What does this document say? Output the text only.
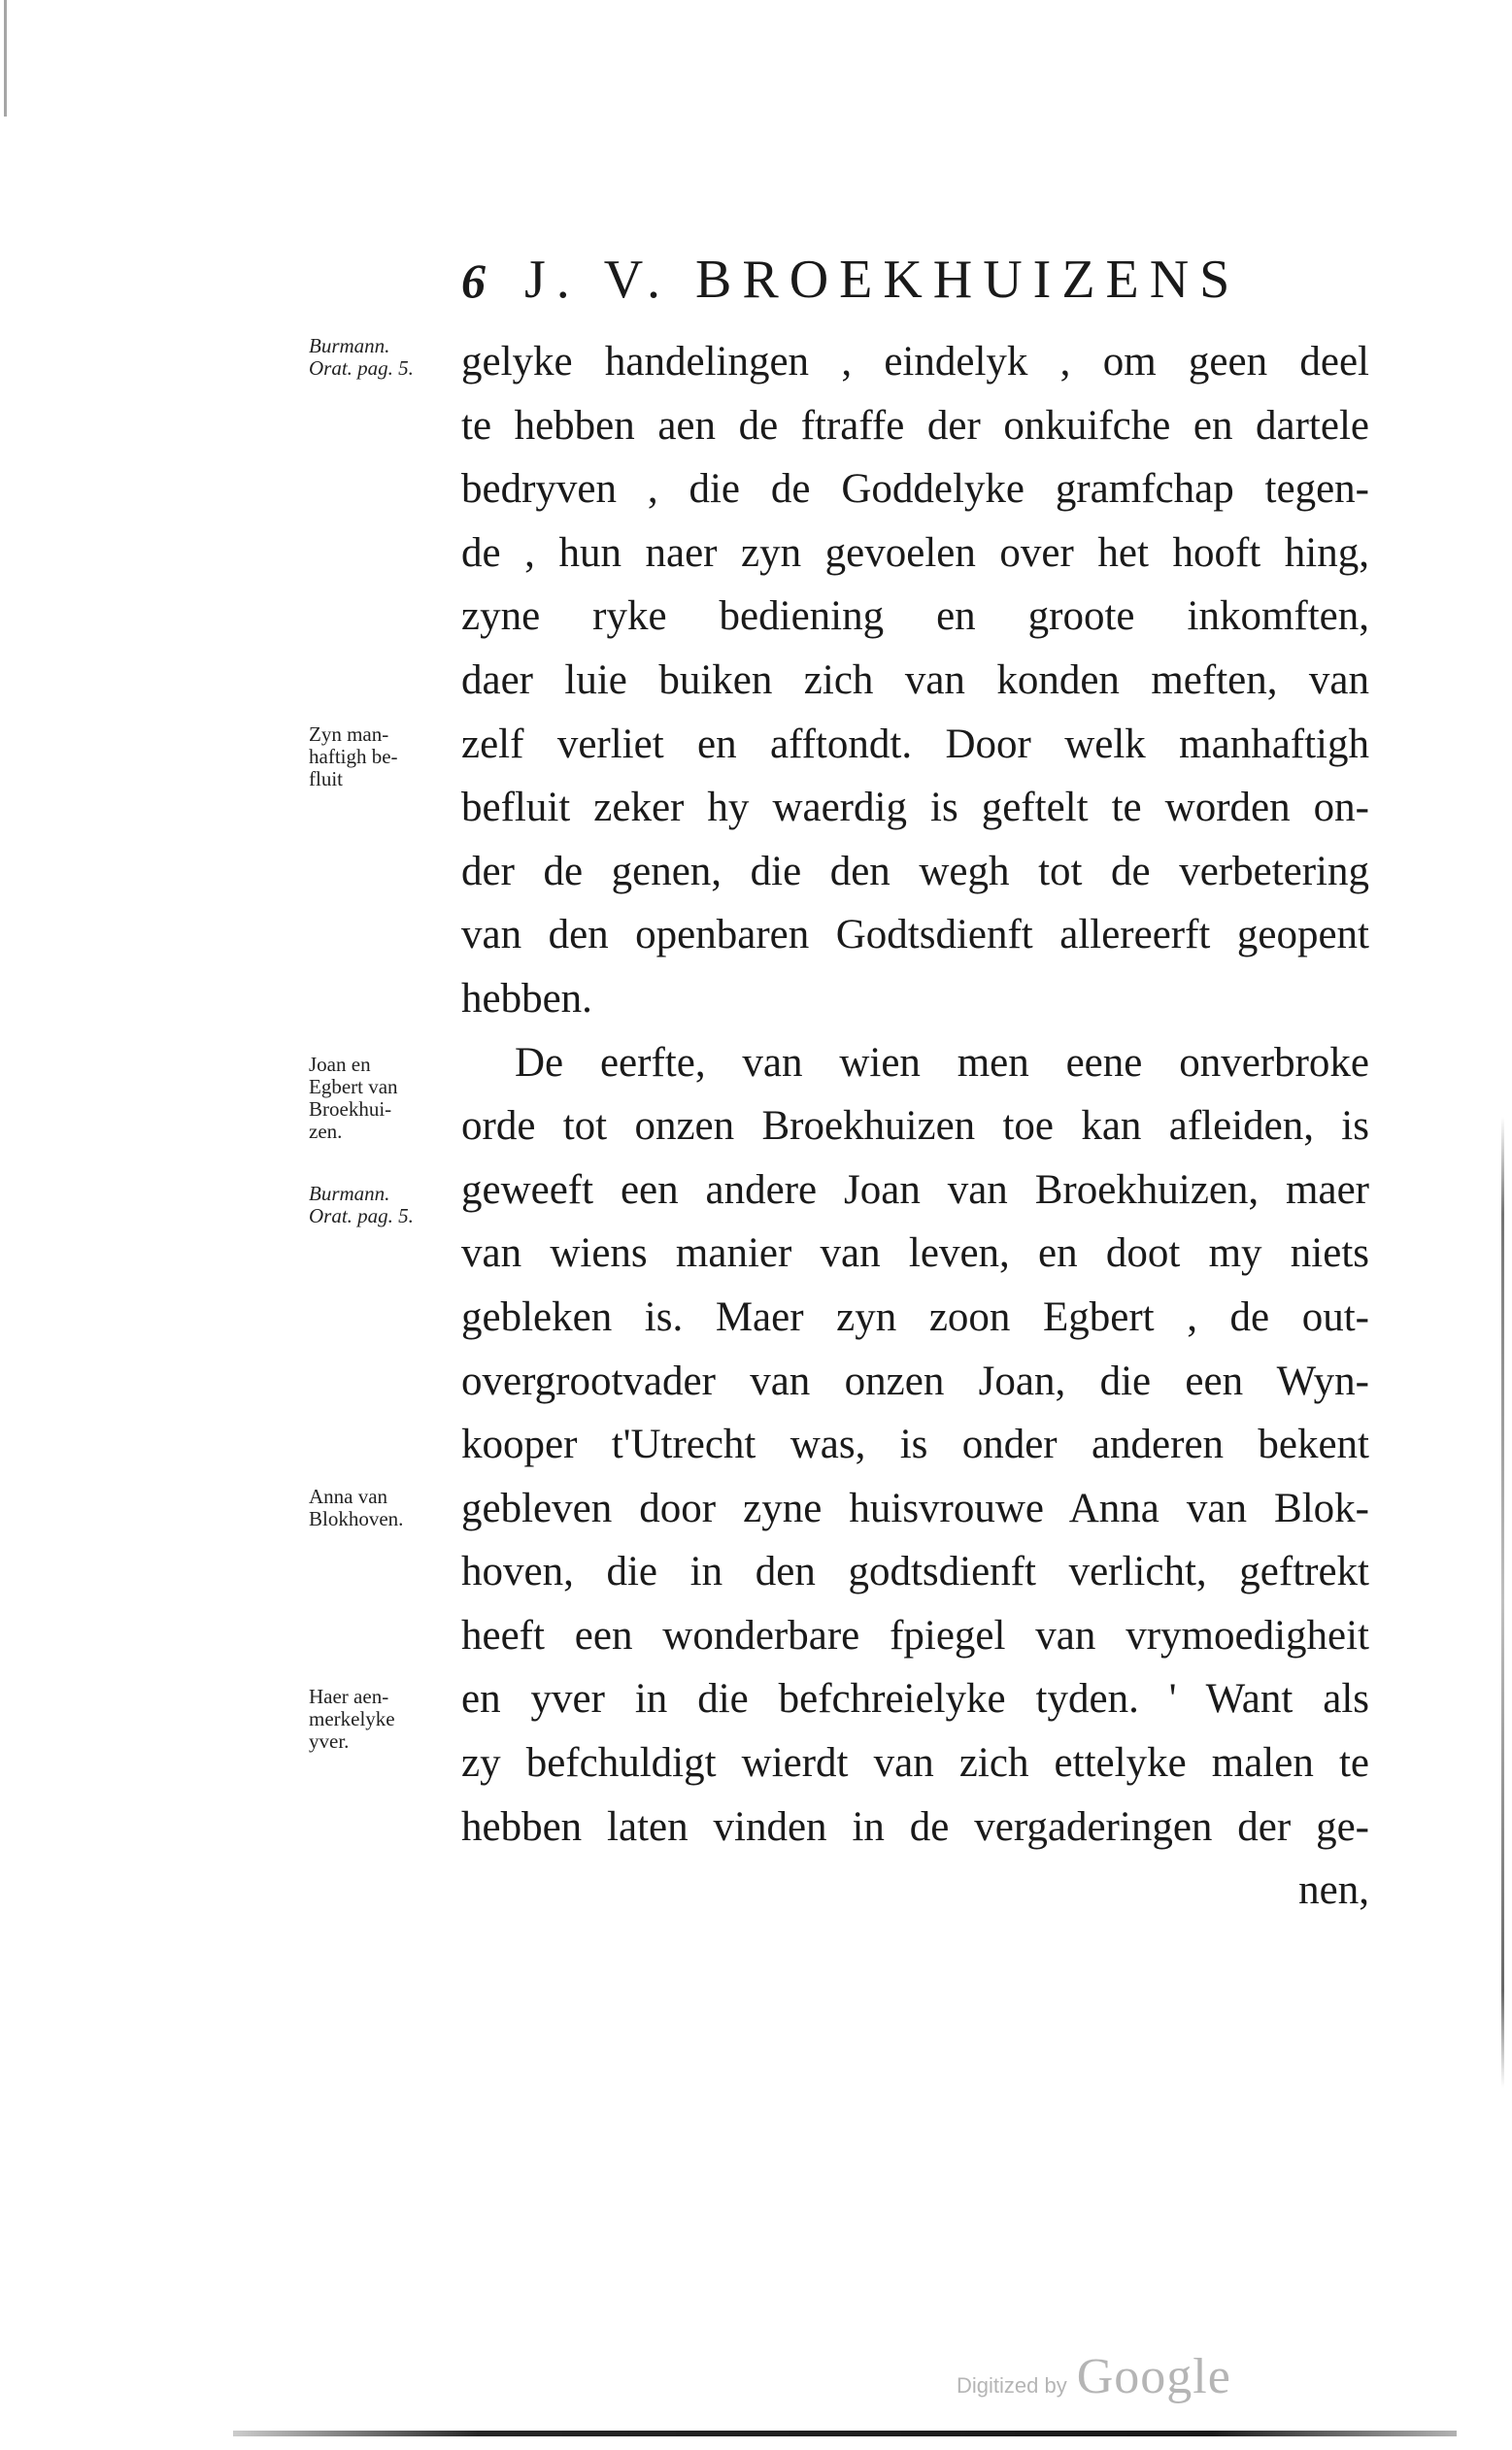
6 J. V. BROEKHUIZENS
Burmann.
Orat. pag. 5.
Zyn man-
haftigh be-
fluit
Joan en
Egbert van
Broekhui-
zen.
Burmann.
Orat. pag. 5.
Anna van
Blokhoven.
Haer aen-
merkelyke
yver.
gelyke handelingen , eindelyk , om geen deel
te hebben aen de ftraffe der onkuifche en dartele
bedryven , die de Goddelyke gramfchap tegen-
de , hun naer zyn gevoelen over het hooft hing,
zyne ryke bediening en groote inkomften,
daer luie buiken zich van konden meften, van
zelf verliet en afftondt. Door welk manhaftigh
befluit zeker hy waerdig is geftelt te worden on-
der de genen, die den wegh tot de verbetering
van den openbaren Godtsdienft allereerft geopent
hebben.
De eerfte, van wien men eene onverbroke
orde tot onzen Broekhuizen toe kan afleiden, is
geweeft een andere Joan van Broekhuizen, maer
van wiens manier van leven, en doot my niets
gebleken is. Maer zyn zoon Egbert , de out-
overgrootvader van onzen Joan, die een Wyn-
kooper t'Utrecht was, is onder anderen bekent
gebleven door zyne huisvrouwe Anna van Blok-
hoven, die in den godtsdienft verlicht, geftrekt
heeft een wonderbare fpiegel van vrymoedigheit
en yver in die befchreielyke tyden. ' Want als
zy befchuldigt wierdt van zich ettelyke malen te
hebben laten vinden in de vergaderingen der ge-
nen,
Digitized by Google
